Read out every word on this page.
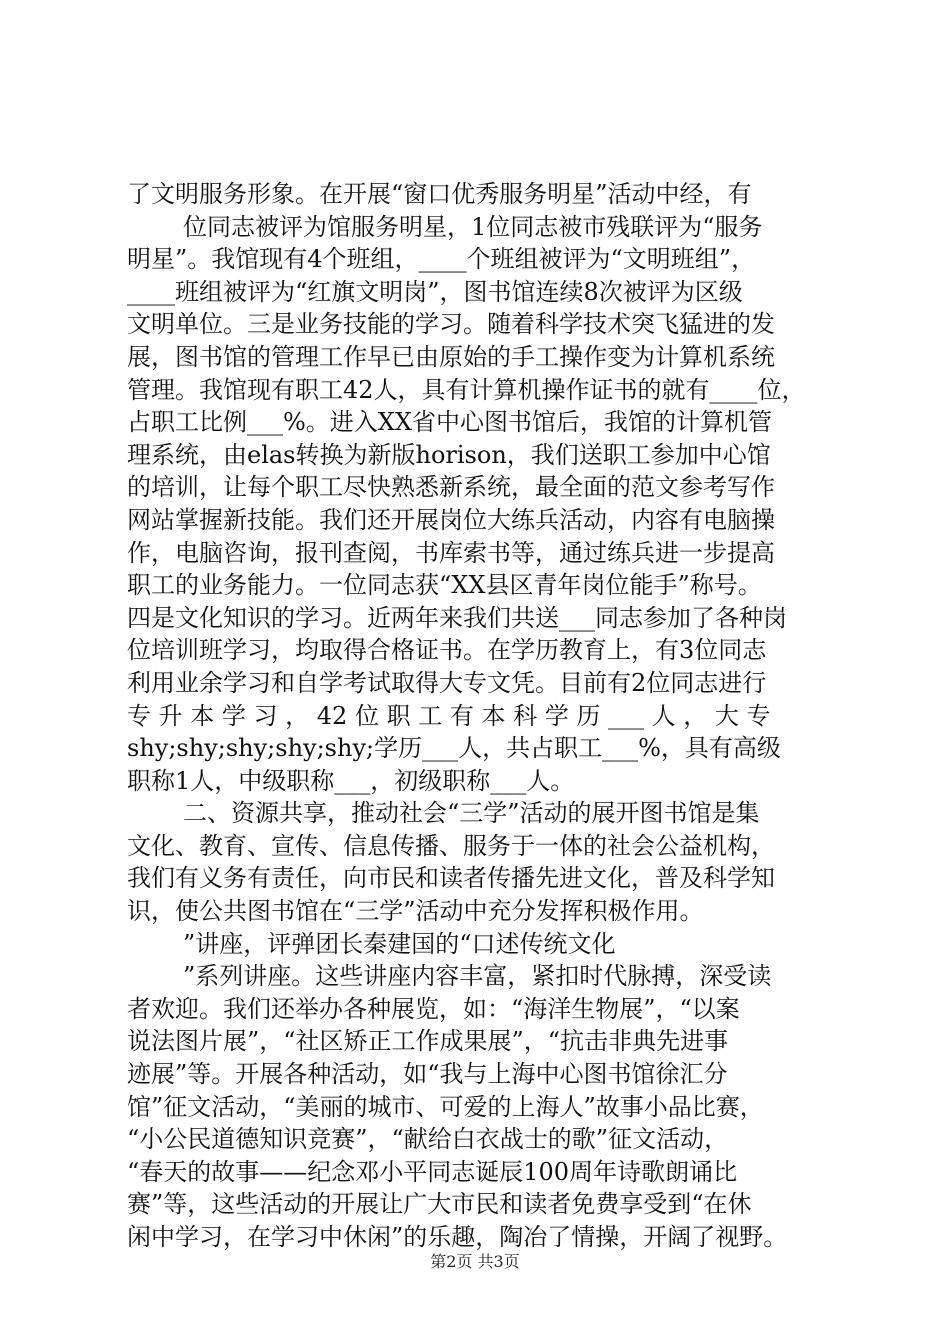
了文明服务形象。在开展“窗口优秀服务明星”活动中经，有
位同志被评为馆服务明星，1位同志被市残联评为“服务
明星”。我馆现有4个班组，____个班组被评为“文明班组”，
____班组被评为“红旗文明岗”，图书馆连续8次被评为区级
文明单位。三是业务技能的学习。随着科学技术突飞猛进的发
展，图书馆的管理工作早已由原始的手工操作变为计算机系统
管理。我馆现有职工42人，具有计算机操作证书的就有____位，
占职工比例___%。进入XX省中心图书馆后，我馆的计算机管
理系统，由elas转换为新版horison，我们送职工参加中心馆
的培训，让每个职工尽快熟悉新系统，最全面的范文参考写作
网站掌握新技能。我们还开展岗位大练兵活动，内容有电脑操
作，电脑咨询，报刊查阅，书库索书等，通过练兵进一步提高
职工的业务能力。一位同志获“XX县区青年岗位能手”称号。
四是文化知识的学习。近两年来我们共送___同志参加了各种岗
位培训班学习，均取得合格证书。在学历教育上，有3位同志
利用业余学习和自学考试取得大专文凭。目前有2位同志进行
专 升 本 学 习 ， 42 位 职 工 有 本 科 学 历 ___ 人 ， 大 专
shy;shy;shy;shy;shy;学历___人，共占职工___%，具有高级
职称1人，中级职称___，初级职称___人。
二、资源共享，推动社会“三学”活动的展开图书馆是集
文化、教育、宣传、信息传播、服务于一体的社会公益机构，
我们有义务有责任，向市民和读者传播先进文化，普及科学知
识，使公共图书馆在“三学”活动中充分发挥积极作用。
”讲座，评弹团长秦建国的“口述传统文化
”系列讲座。这些讲座内容丰富，紧扣时代脉搏，深受读
者欢迎。我们还举办各种展览，如：“海洋生物展”，“以案
说法图片展”，“社区矫正工作成果展”，“抗击非典先进事
迹展”等。开展各种活动，如“我与上海中心图书馆徐汇分
馆”征文活动，“美丽的城市、可爱的上海人”故事小品比赛，
“小公民道德知识竞赛”，“献给白衣战士的歌”征文活动，
“春天的故事——纪念邓小平同志诞辰100周年诗歌朗诵比
赛”等，这些活动的开展让广大市民和读者免费享受到“在休
闲中学习，在学习中休闲”的乐趣，陶冶了情操，开阔了视野。
第2页 共3页
